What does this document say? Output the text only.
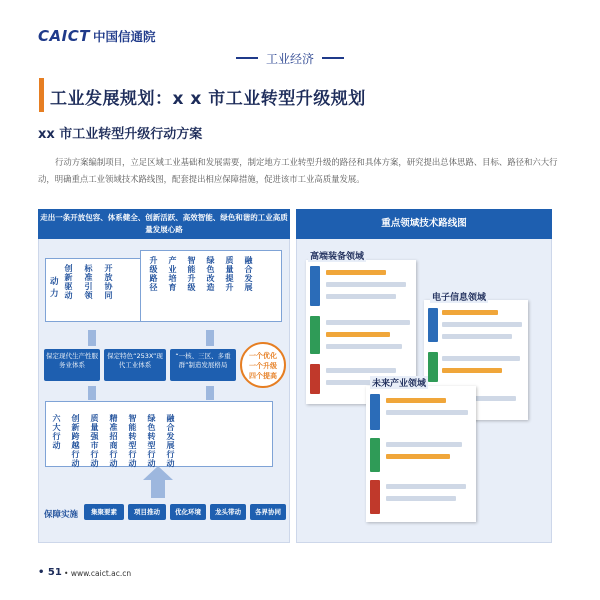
CAICT 中国信通院
工业经济
工业发展规划：x x 市工业转型升级规划
xx 市工业转型升级行动方案
行动方案编制项目，立足区域工业基础和发展需要，制定地方工业转型升级的路径和具体方案，研究提出总体思路、目标、路径和六大行动，明确重点工业领域技术路线图，配套提出相应保障措施，促进该市工业高质量发展。
走出一条开放包容、体系健全、创新活跃、高效智能、绿色和谐的工业高质量发展心路
动力 创新驱动 标准引领 开放协同	升级路径 产业培育 智能升级 绿色改造 质量提升 融合发展
保定现代生产性服务业体系
保定特色“253X”现代工业体系
“一核、三区、多重群”制造发展格局
一个优化一个升级四个提高
六大行动 创新跨越行动 质量强市行动 精准招商行动 智能转型行动 绿色转型行动 融合发展行动
保障实施	集聚要素	项目推动	优化环境	龙头带动	各界协同
重点领域技术路线图
高端装备领域
电子信息领域
未来产业领域
• 51 • www.caict.ac.cn
